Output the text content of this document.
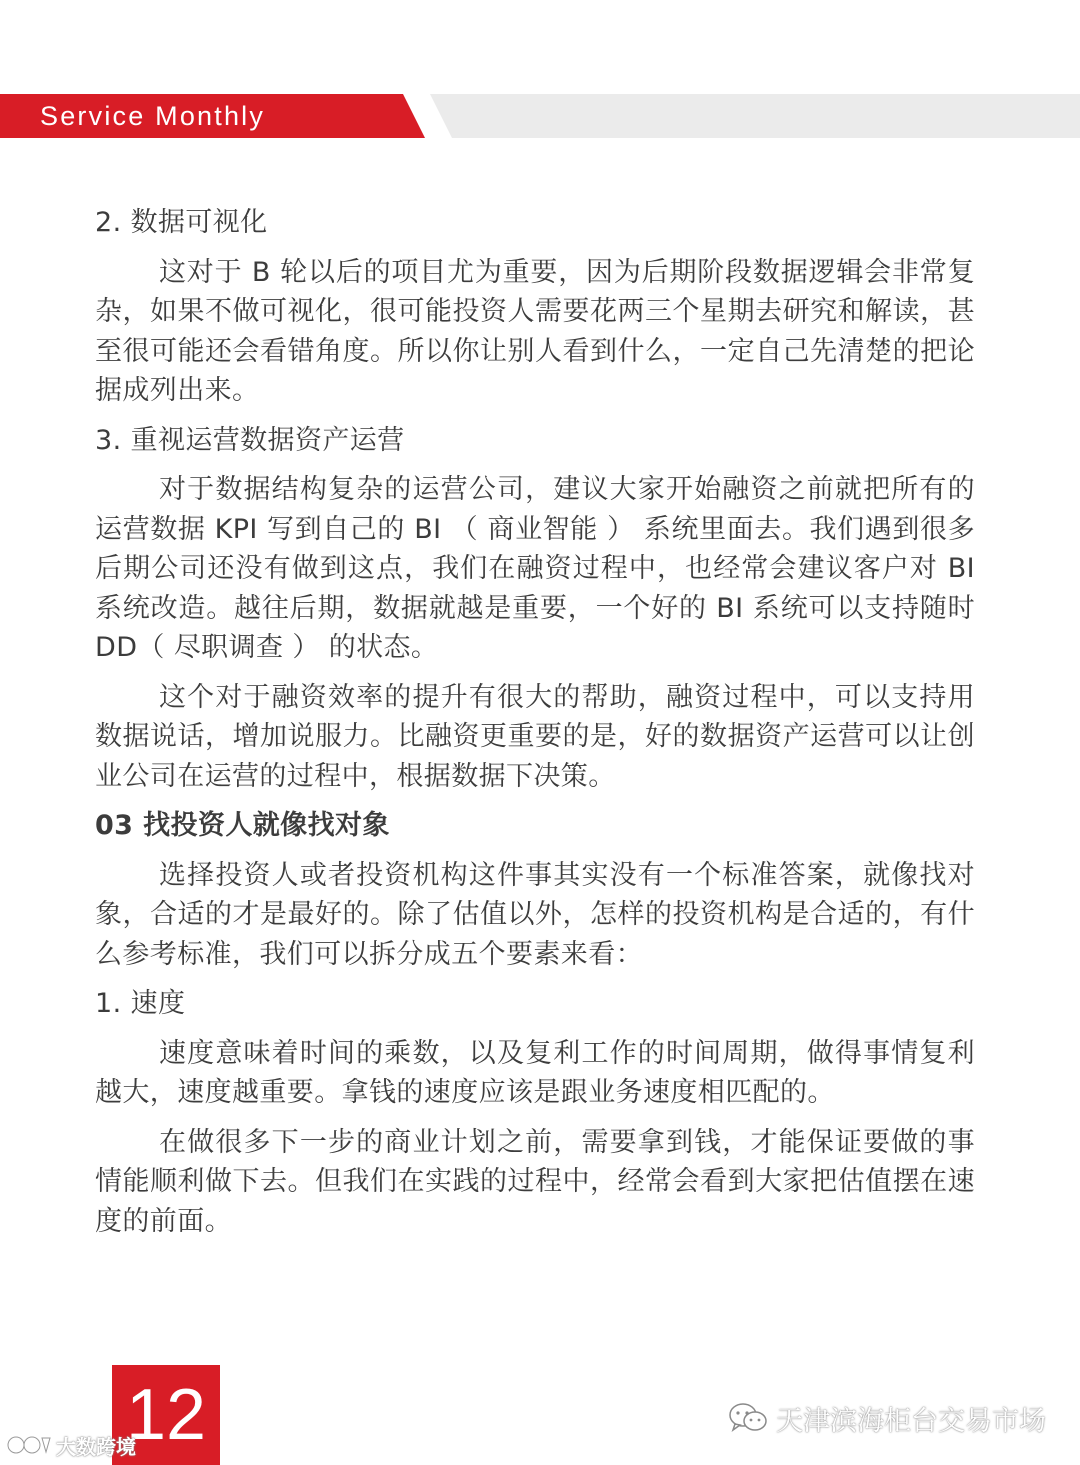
Service Monthly

2. 数据可视化

这对于 B 轮以后的项目尤为重要，因为后期阶段数据逻辑会非常复杂，如果不做可视化，很可能投资人需要花两三个星期去研究和解读，甚至很可能还会看错角度。所以你让别人看到什么，一定自己先清楚的把论据成列出来。

3. 重视运营数据资产运营

对于数据结构复杂的运营公司，建议大家开始融资之前就把所有的运营数据 KPI 写到自己的 BI （ 商业智能 ） 系统里面去。我们遇到很多后期公司还没有做到这点，我们在融资过程中，也经常会建议客户对 BI 系统改造。越往后期，数据就越是重要，一个好的 BI 系统可以支持随时 DD（ 尽职调查 ） 的状态。

这个对于融资效率的提升有很大的帮助，融资过程中，可以支持用数据说话，增加说服力。比融资更重要的是，好的数据资产运营可以让创业公司在运营的过程中，根据数据下决策。

03 找投资人就像找对象

选择投资人或者投资机构这件事其实没有一个标准答案，就像找对象，合适的才是最好的。除了估值以外，怎样的投资机构是合适的，有什么参考标准，我们可以拆分成五个要素来看：

1. 速度

速度意味着时间的乘数，以及复利工作的时间周期，做得事情复利越大，速度越重要。拿钱的速度应该是跟业务速度相匹配的。

在做很多下一步的商业计划之前，需要拿到钱，才能保证要做的事情能顺利做下去。但我们在实践的过程中，经常会看到大家把估值摆在速度的前面。

12
大数跨境
天津滨海柜台交易市场
